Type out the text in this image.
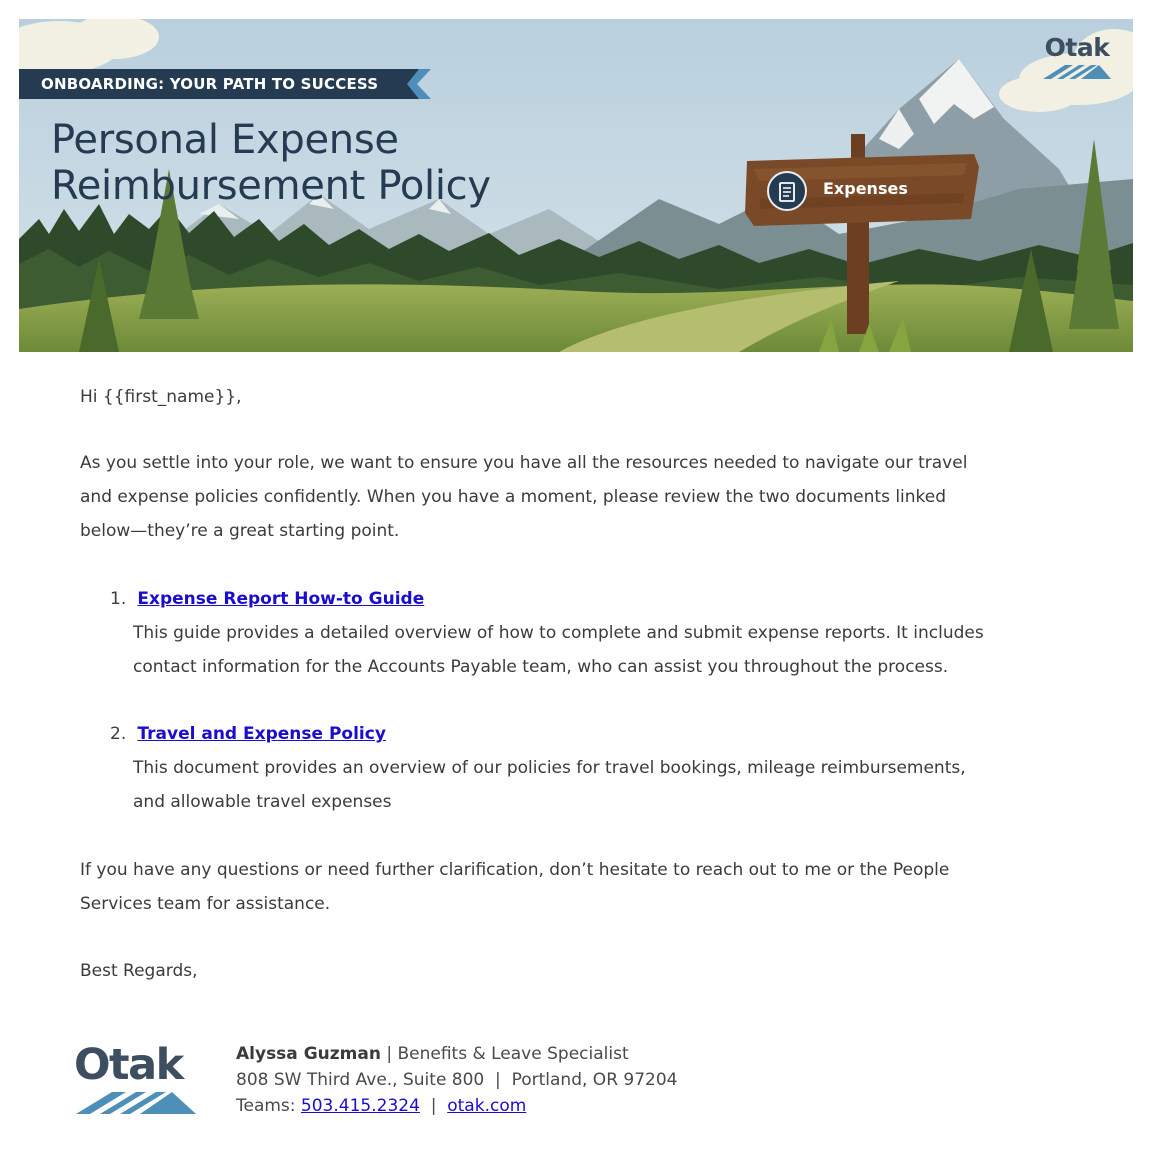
ONBOARDING: YOUR PATH TO SUCCESS
Personal Expense
Reimbursement Policy
Otak
Expenses
Hi {{first_name}},
As you settle into your role, we want to ensure you have all the resources needed to navigate our travel
and expense policies confidently. When you have a moment, please review the two documents linked
below—they’re a great starting point.
1. Expense Report How-to Guide
This guide provides a detailed overview of how to complete and submit expense reports. It includes
contact information for the Accounts Payable team, who can assist you throughout the process.
2. Travel and Expense Policy
This document provides an overview of our policies for travel bookings, mileage reimbursements,
and allowable travel expenses
If you have any questions or need further clarification, don’t hesitate to reach out to me or the People
Services team for assistance.
Best Regards,
Otak	Alyssa Guzman | Benefits & Leave Specialist
808 SW Third Ave., Suite 800  |  Portland, OR 97204
Teams: 503.415.2324  |  otak.com
